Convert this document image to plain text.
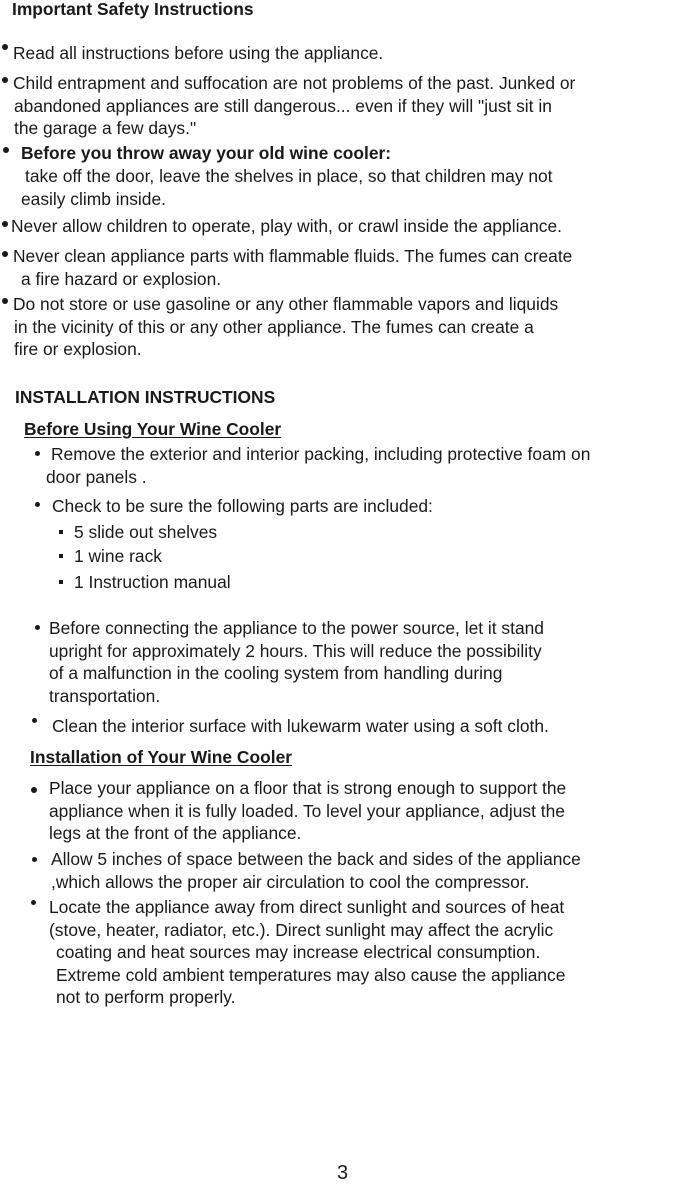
Important Safety Instructions

Read all instructions before using the appliance.

Child entrapment and suffocation are not problems of the past. Junked or
abandoned appliances are still dangerous... even if they will "just sit in
the garage a few days."

Before you throw away your old wine cooler:

take off the door, leave the shelves in place, so that children may not
easily climb inside.

Never allow children to operate, play with, or crawl inside the appliance.

Never clean appliance parts with flammable fluids. The fumes can create
a fire hazard or explosion.
Do not store or use gasoline or any other flammable vapors and liquids
in the vicinity of this or any other appliance. The fumes can create a
fire or explosion.

INSTALLATION INSTRUCTIONS

Before Using Your Wine Cooler

Remove the exterior and interior packing, including protective foam on
door panels .

Check to be sure the following parts are included:

5 slide out shelves

1 wine rack

1 Instruction manual

Before connecting the appliance to the power source, let it stand
upright for approximately 2 hours. This will reduce the possibility
of a malfunction in the cooling system from handling during
transportation.

Clean the interior surface with lukewarm water using a soft cloth.

Installation of Your Wine Cooler

Place your appliance on a floor that is strong enough to support the
appliance when it is fully loaded. To level your appliance, adjust the
legs at the front of the appliance.
Allow 5 inches of space between the back and sides of the appliance
,which allows the proper air circulation to cool the compressor.
Locate the appliance away from direct sunlight and sources of heat
(stove, heater, radiator, etc.). Direct sunlight may affect the acrylic
coating and heat sources may increase electrical consumption.
Extreme cold ambient temperatures may also cause the appliance
not to perform properly.

3
